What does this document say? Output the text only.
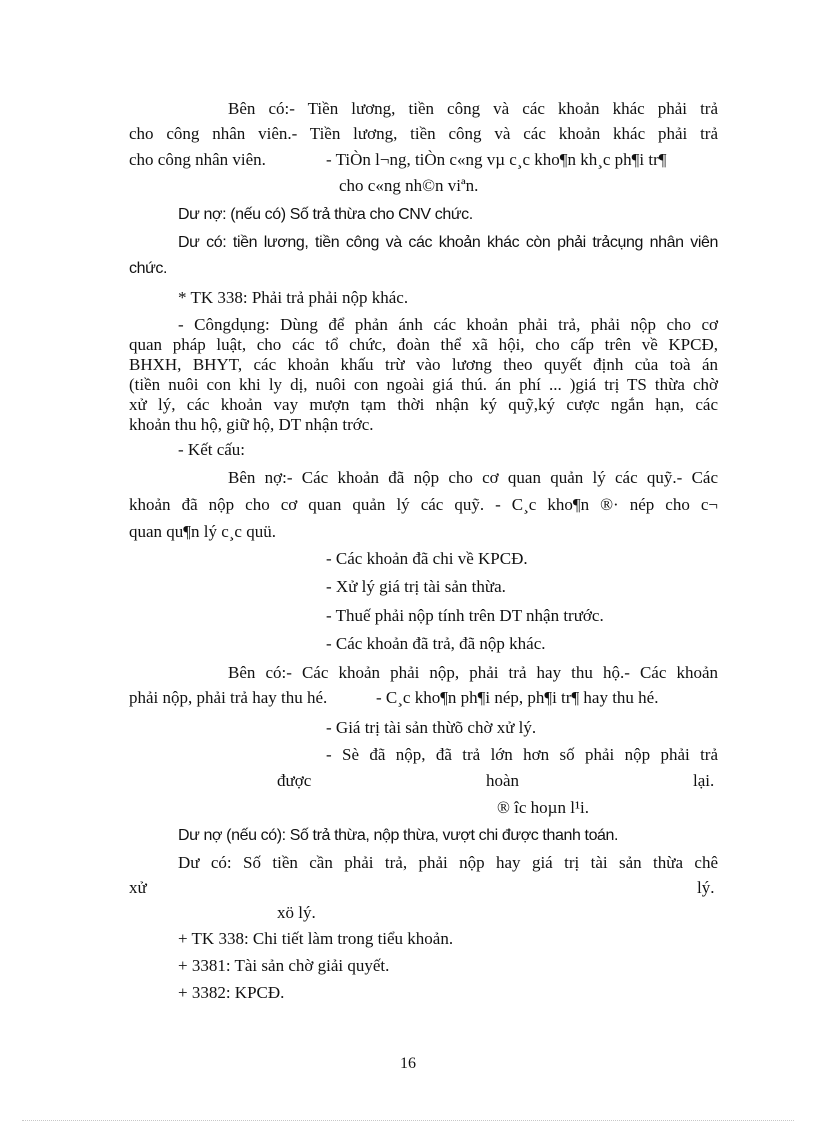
Bên có:- Tiền lương, tiền công và các khoản khác phải trả
cho công nhân viên.- Tiền lương, tiền công và các khoản khác phải trả
cho công nhân viên.	- TiÒn l¬ng, tiÒn c«ng vµ c¸c kho¶n kh¸c ph¶i tr¶
cho c«ng nh©n viªn.
Dư nợ: (nếu có) Số trả thừa cho CNV chức.
Dư có: tiền lương, tiền công và các khoản khác còn phải trảcụng nhân viên
chức.
* TK 338: Phải trả phải nộp khác.
- Côngdụng: Dùng để phản ánh các khoản phải trả, phải nộp cho cơ
quan pháp luật, cho các tổ chức, đoàn thể xã hội, cho cấp trên về KPCĐ,
BHXH, BHYT, các khoản khấu trừ vào lương theo quyết định của toà án
(tiền nuôi con khi ly dị, nuôi con ngoài giá thú. án phí ... )giá trị TS thừa chờ
xử lý, các khoản vay mượn tạm thời nhận ký quỹ,ký cược ngắn hạn, các
khoản thu hộ, giữ hộ, DT nhận trớc.
- Kết cấu:
Bên nợ:- Các khoản đã nộp cho cơ quan quản lý các quỹ.- Các
khoản đã nộp cho cơ quan quản lý các quỹ. - C¸c kho¶n ®· nép cho c¬
quan qu¶n lý c¸c quü.
- Các khoản đã chi về KPCĐ.
- Xử lý giá trị tài sản thừa.
- Thuế phải nộp tính trên DT nhận trước.
- Các khoản đã trả, đã nộp khác.
Bên có:- Các khoản phải nộp, phải trả hay thu hộ.- Các khoản
phải nộp, phải trả hay thu hé.	- C¸c kho¶n ph¶i nép, ph¶i tr¶ hay thu hé.
- Giá trị tài sản thừõ chờ xử lý.
- Sè đã nộp, đã trả lớn hơn số phải nộp phải trả
được	hoàn	lại.
® îc hoµn l¹i.
Dư nợ (nếu có): Số trả thừa, nộp thừa, vượt chi được thanh toán.
Dư có: Số tiền cần phải trả, phải nộp hay giá trị tài sản thừa chê
xử	lý.
xö lý.
+ TK 338: Chi tiết làm trong tiểu khoản.
+ 3381: Tài sản chờ giải quyết.
+ 3382: KPCĐ.
16
